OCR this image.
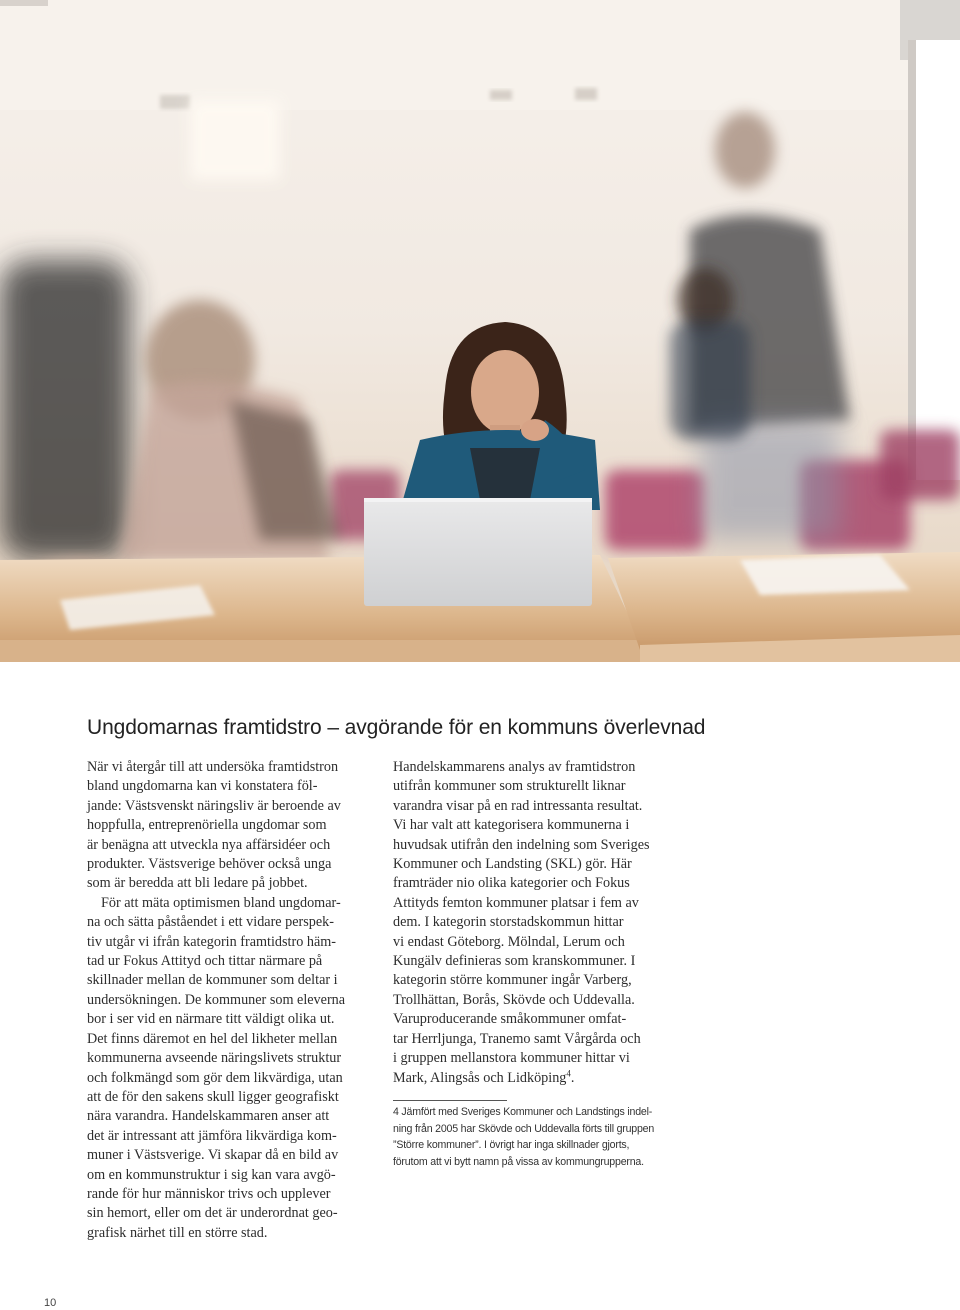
Ungdomarnas framtidstro – avgörande för en kommuns överlevnad

När vi återgår till att undersöka framtidstron
bland ungdomarna kan vi konstatera föl-
jande: Västsvenskt näringsliv är beroende av
hoppfulla, entreprenöriella ungdomar som
är benägna att utveckla nya affärsidéer och
produkter. Västsverige behöver också unga
som är beredda att bli ledare på jobbet.

För att mäta optimismen bland ungdomar-
na och sätta påståendet i ett vidare perspek-
tiv utgår vi ifrån kategorin framtidstro häm-
tad ur Fokus Attityd och tittar närmare på
skillnader mellan de kommuner som deltar i
undersökningen. De kommuner som eleverna
bor i ser vid en närmare titt väldigt olika ut.
Det finns däremot en hel del likheter mellan
kommunerna avseende näringslivets struktur
och folkmängd som gör dem likvärdiga, utan
att de för den sakens skull ligger geografiskt
nära varandra. Handelskammaren anser att
det är intressant att jämföra likvärdiga kom-
muner i Västsverige. Vi skapar då en bild av
om en kommunstruktur i sig kan vara avgö-
rande för hur människor trivs och upplever
sin hemort, eller om det är underordnat geo-
grafisk närhet till en större stad.

Handelskammarens analys av framtidstron
utifrån kommuner som strukturellt liknar
varandra visar på en rad intressanta resultat.
Vi har valt att kategorisera kommunerna i
huvudsak utifrån den indelning som Sveriges
Kommuner och Landsting (SKL) gör. Här
framträder nio olika kategorier och Fokus
Attityds femton kommuner platsar i fem av
dem. I kategorin storstadskommun hittar
vi endast Göteborg. Mölndal, Lerum och
Kungälv definieras som kranskommuner. I
kategorin större kommuner ingår Varberg,
Trollhättan, Borås, Skövde och Uddevalla.
Varuproducerande småkommuner omfat-
tar Herrljunga, Tranemo samt Vårgårda och
i gruppen mellanstora kommuner hittar vi
Mark, Alingsås och Lidköping$^4$.

4 Jämfört med Sveriges Kommuner och Landstings indel-
ning från 2005 har Skövde och Uddevalla förts till gruppen
”Större kommuner”. I övrigt har inga skillnader gjorts,
förutom att vi bytt namn på vissa av kommungrupperna.
10
